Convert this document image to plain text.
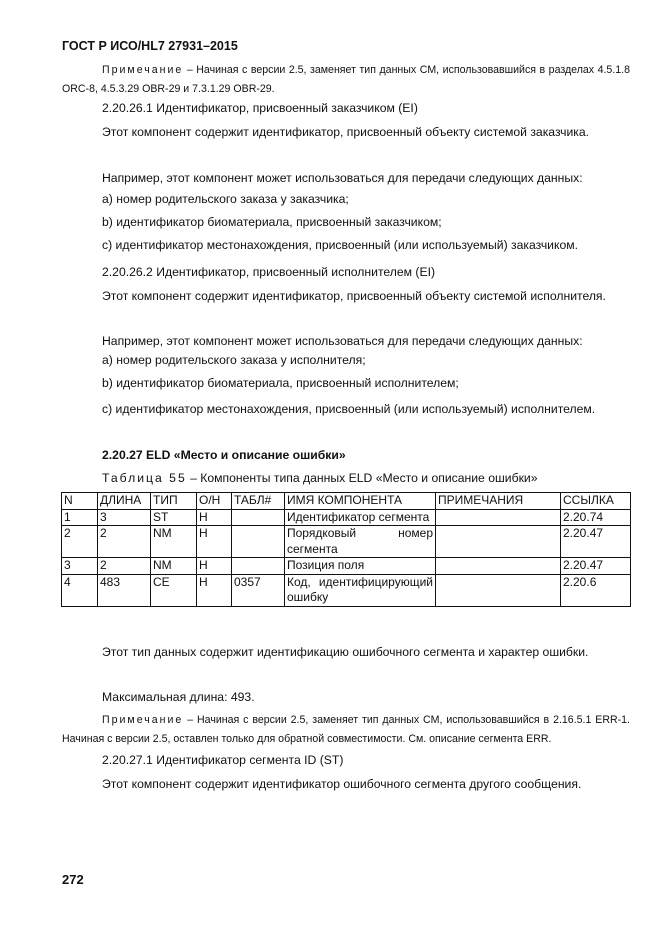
ГОСТ Р ИСО/HL7 27931–2015
Примечание – Начиная с версии 2.5, заменяет тип данных CM, использовавшийся в разделах 4.5.1.8 ORC-8, 4.5.3.29 OBR-29 и 7.3.1.29 OBR-29.
2.20.26.1 Идентификатор, присвоенный заказчиком (EI)
Этот компонент содержит идентификатор, присвоенный объекту системой заказчика.
Например, этот компонент может использоваться для передачи следующих данных:
a) номер родительского заказа у заказчика;
b) идентификатор биоматериала, присвоенный заказчиком;
c) идентификатор местонахождения, присвоенный (или используемый) заказчиком.
2.20.26.2 Идентификатор, присвоенный исполнителем (EI)
Этот компонент содержит идентификатор, присвоенный объекту системой исполнителя.
Например, этот компонент может использоваться для передачи следующих данных:
a) номер родительского заказа у исполнителя;
b) идентификатор биоматериала, присвоенный исполнителем;
c) идентификатор местонахождения, присвоенный (или используемый) исполнителем.
2.20.27 ELD «Место и описание ошибки»
Таблица 55 – Компоненты типа данных ELD «Место и описание ошибки»
N	ДЛИНА	ТИП	О/Н	ТАБЛ#	ИМЯ КОМПОНЕНТА	ПРИМЕЧАНИЯ	ССЫЛКА
1	3	ST	Н		Идентификатор сегмента		2.20.74
2	2	NM	Н		Порядковый номер сегмента		2.20.47
3	2	NM	Н		Позиция поля		2.20.47
4	483	CE	Н	0357	Код, идентифицирующий ошибку		2.20.6
Этот тип данных содержит идентификацию ошибочного сегмента и характер ошибки.
Максимальная длина: 493.
Примечание – Начиная с версии 2.5, заменяет тип данных CM, использовавшийся в 2.16.5.1 ERR-1. Начиная с версии 2.5, оставлен только для обратной совместимости. См. описание сегмента ERR.
2.20.27.1 Идентификатор сегмента ID (ST)
Этот компонент содержит идентификатор ошибочного сегмента другого сообщения.
272
